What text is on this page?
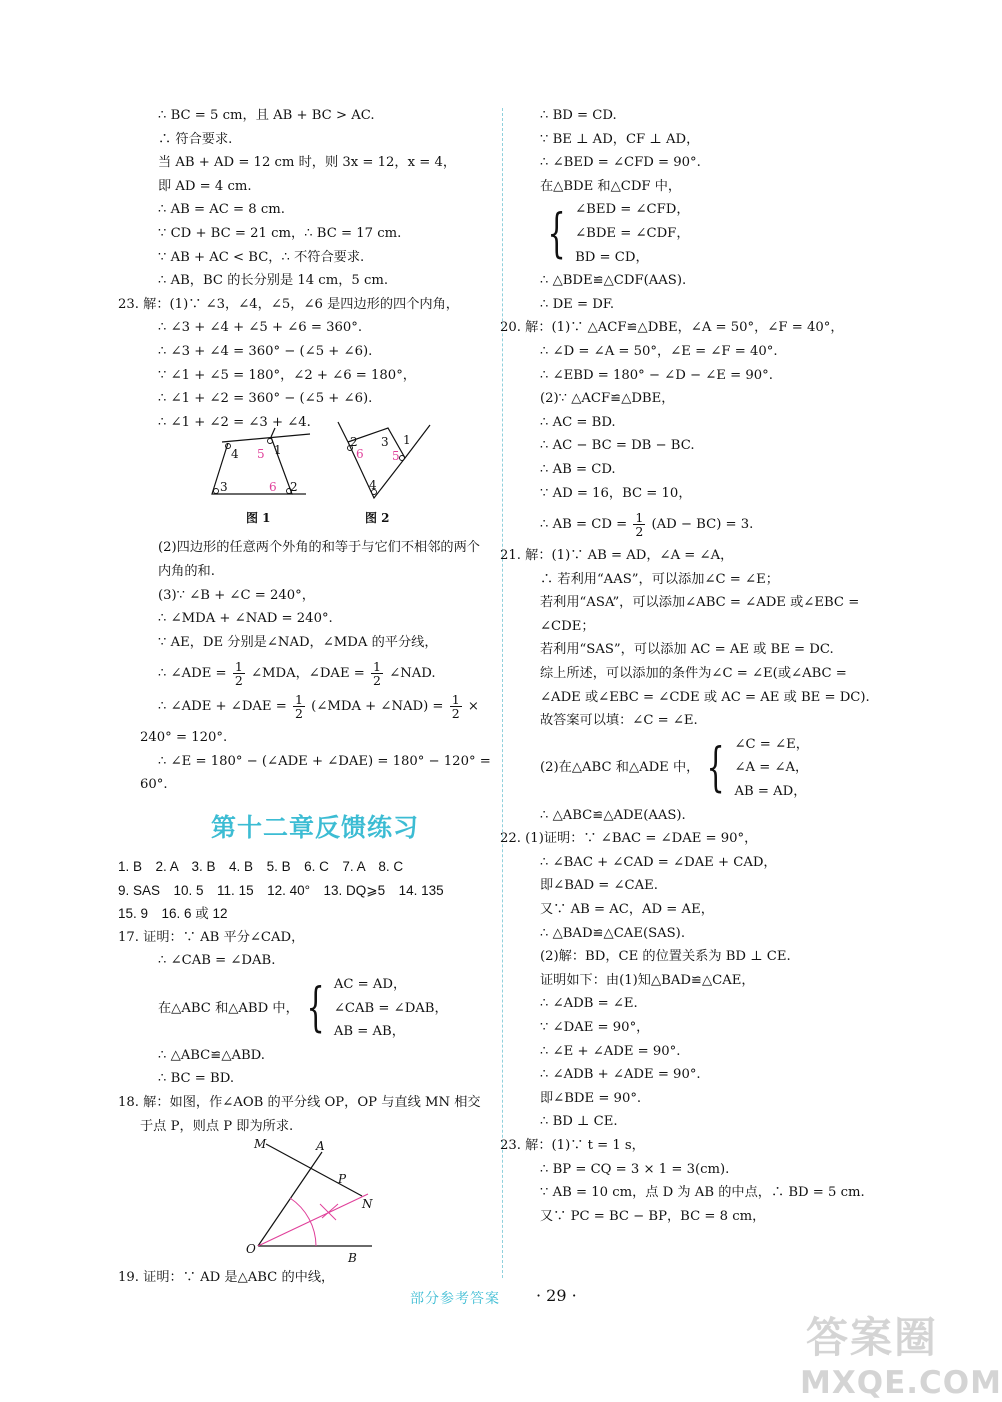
∴ BC = 5 cm，且 AB + BC > AC.
∴ 符合要求.
当 AB + AD = 12 cm 时，则 3x = 12，x = 4，
即 AD = 4 cm.
∴ AB = AC = 8 cm.
∵ CD + BC = 21 cm，∴ BC = 17 cm.
∵ AB + AC < BC，∴ 不符合要求.
∴ AB，BC 的长分别是 14 cm，5 cm.
23. 解：(1)∵ ∠3，∠4，∠5，∠6 是四边形的四个内角，
∴ ∠3 + ∠4 + ∠5 + ∠6 = 360°.
∴ ∠3 + ∠4 = 360° − (∠5 + ∠6).
∵ ∠1 + ∠5 = 180°，∠2 + ∠6 = 180°，
∴ ∠1 + ∠2 = 360° − (∠5 + ∠6).
∴ ∠1 + ∠2 = ∠3 + ∠4.
4 5 1
3	6 2
2
6
3 1
5
4
图 1	图 2
(2)四边形的任意两个外角的和等于与它们不相邻的两个内角的和.
(3)∵ ∠B + ∠C = 240°，
∴ ∠MDA + ∠NAD = 240°.
∵ AE，DE 分别是∠NAD，∠MDA 的平分线，
∴ ∠ADE = $\frac{1}{2}$ ∠MDA，∠DAE = $\frac{1}{2}$ ∠NAD.
∴ ∠ADE + ∠DAE = $\frac{1}{2}$ (∠MDA + ∠NAD) = $\frac{1}{2}$ ×
240° = 120°.
∴ ∠E = 180° − (∠ADE + ∠DAE) = 180° − 120° =
60°.
第十二章反馈练习
1. B　2. A　3. B　4. B　5. B　6. C　7. A　8. C
9. SAS　10. 5　11. 15　12. 40°　13. DQ⩾5　14. 135
15. 9　16. 6 或 12
17. 证明：∵ AB 平分∠CAD，
∴ ∠CAB = ∠DAB.
在△ABC 和△ABD 中， { AC = AD，
∠CAB = ∠DAB，
AB = AB，
∴ △ABC≌△ABD.
∴ BC = BD.
18. 解：如图，作∠AOB 的平分线 OP，OP 与直线 MN 相交于点 P，则点 P 即为所求.
M	A
P
N
O
B
19. 证明：∵ AD 是△ABC 的中线，
∴ BD = CD.
∵ BE ⊥ AD，CF ⊥ AD，
∴ ∠BED = ∠CFD = 90°.
在△BDE 和△CDF 中，
{ ∠BED = ∠CFD，
∠BDE = ∠CDF，
BD = CD，
∴ △BDE≌△CDF(AAS).
∴ DE = DF.
20. 解：(1)∵ △ACF≌△DBE，∠A = 50°，∠F = 40°，
∴ ∠D = ∠A = 50°，∠E = ∠F = 40°.
∴ ∠EBD = 180° − ∠D − ∠E = 90°.
(2)∵ △ACF≌△DBE，
∴ AC = BD.
∴ AC − BC = DB − BC.
∴ AB = CD.
∵ AD = 16，BC = 10，
∴ AB = CD = $\frac{1}{2} (AD - BC) = 3$.
21. 解：(1)∵ AB = AD，∠A = ∠A，
∴ 若利用“AAS”，可以添加∠C = ∠E；
若利用“ASA”，可以添加∠ABC = ∠ADE 或∠EBC = ∠CDE；
若利用“SAS”，可以添加 AC = AE 或 BE = DC.
综上所述，可以添加的条件为∠C = ∠E(或∠ABC = ∠ADE 或∠EBC = ∠CDE 或 AC = AE 或 BE = DC).
故答案可以填：∠C = ∠E.
(2)在△ABC 和△ADE 中， { ∠C = ∠E，
∠A = ∠A，
AB = AD，
∴ △ABC≌△ADE(AAS).
22. (1)证明：∵ ∠BAC = ∠DAE = 90°，
∴ ∠BAC + ∠CAD = ∠DAE + CAD，
即∠BAD = ∠CAE.
又∵ AB = AC，AD = AE，
∴ △BAD≌△CAE(SAS).
(2)解：BD，CE 的位置关系为 BD ⊥ CE.
证明如下：由(1)知△BAD≌△CAE，
∴ ∠ADB = ∠E.
∵ ∠DAE = 90°，
∴ ∠E + ∠ADE = 90°.
∴ ∠ADB + ∠ADE = 90°.
即∠BDE = 90°.
∴ BD ⊥ CE.
23. 解：(1)∵ t = 1 s，
∴ BP = CQ = 3 × 1 = 3(cm).
∵ AB = 10 cm，点 D 为 AB 的中点，∴ BD = 5 cm.
又∵ PC = BC − BP，BC = 8 cm，
部分参考答案 · 29 ·
答案圈
MXQE.COM
